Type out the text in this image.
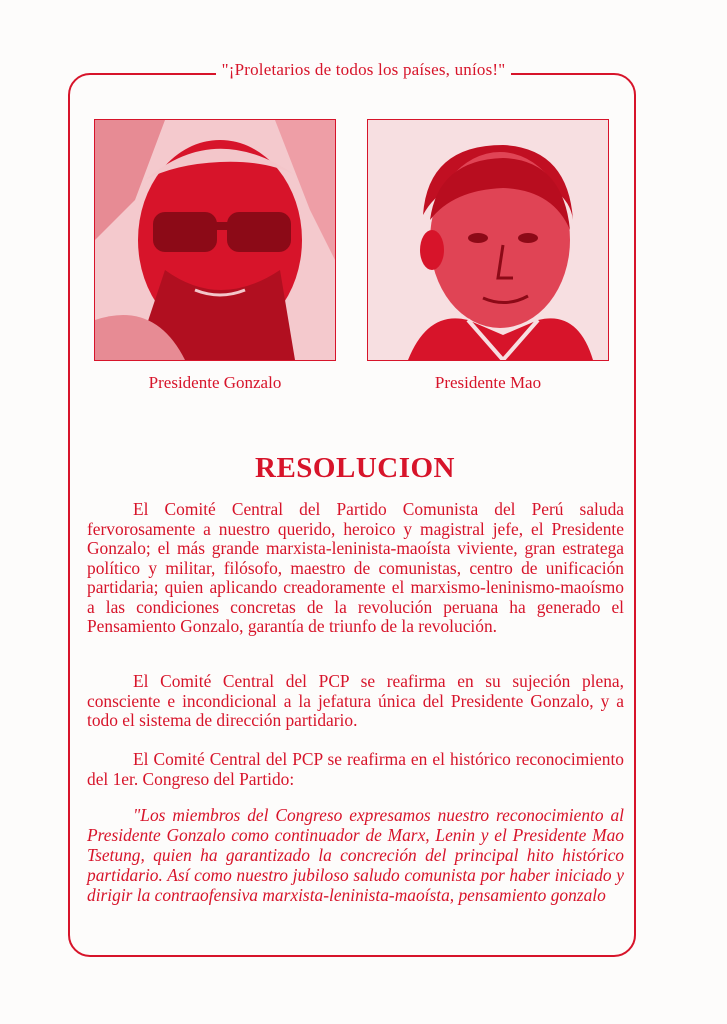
"¡Proletarios de todos los países, uníos!"
Presidente Gonzalo	Presidente Mao
RESOLUCION

El Comité Central del Partido Comunista del Perú saluda fervorosamente a nuestro querido, heroico y magistral jefe, el Presidente Gonzalo; el más grande marxista-leninista-maoísta viviente, gran estratega político y militar, filósofo, maestro de comunistas, centro de unificación partidaria; quien aplicando creadoramente el marxismo-leninismo-maoísmo a las condiciones concretas de la revolución peruana ha generado el Pensamiento Gonzalo, garantía de triunfo de la revolución.

El Comité Central del PCP se reafirma en su sujeción plena, consciente e incondicional a la jefatura única del Presidente Gonzalo, y a todo el sistema de dirección partidario.

El Comité Central del PCP se reafirma en el histórico reconocimiento del 1er. Congreso del Partido:

"Los miembros del Congreso expresamos nuestro reconocimiento al Presidente Gonzalo como continuador de Marx, Lenin y el Presidente Mao Tsetung, quien ha garantizado la concreción del principal hito histórico partidario. Así como nuestro jubiloso saludo comunista por haber iniciado y dirigir la contraofensiva marxista-leninista-maoísta, pensamiento gonzalo
